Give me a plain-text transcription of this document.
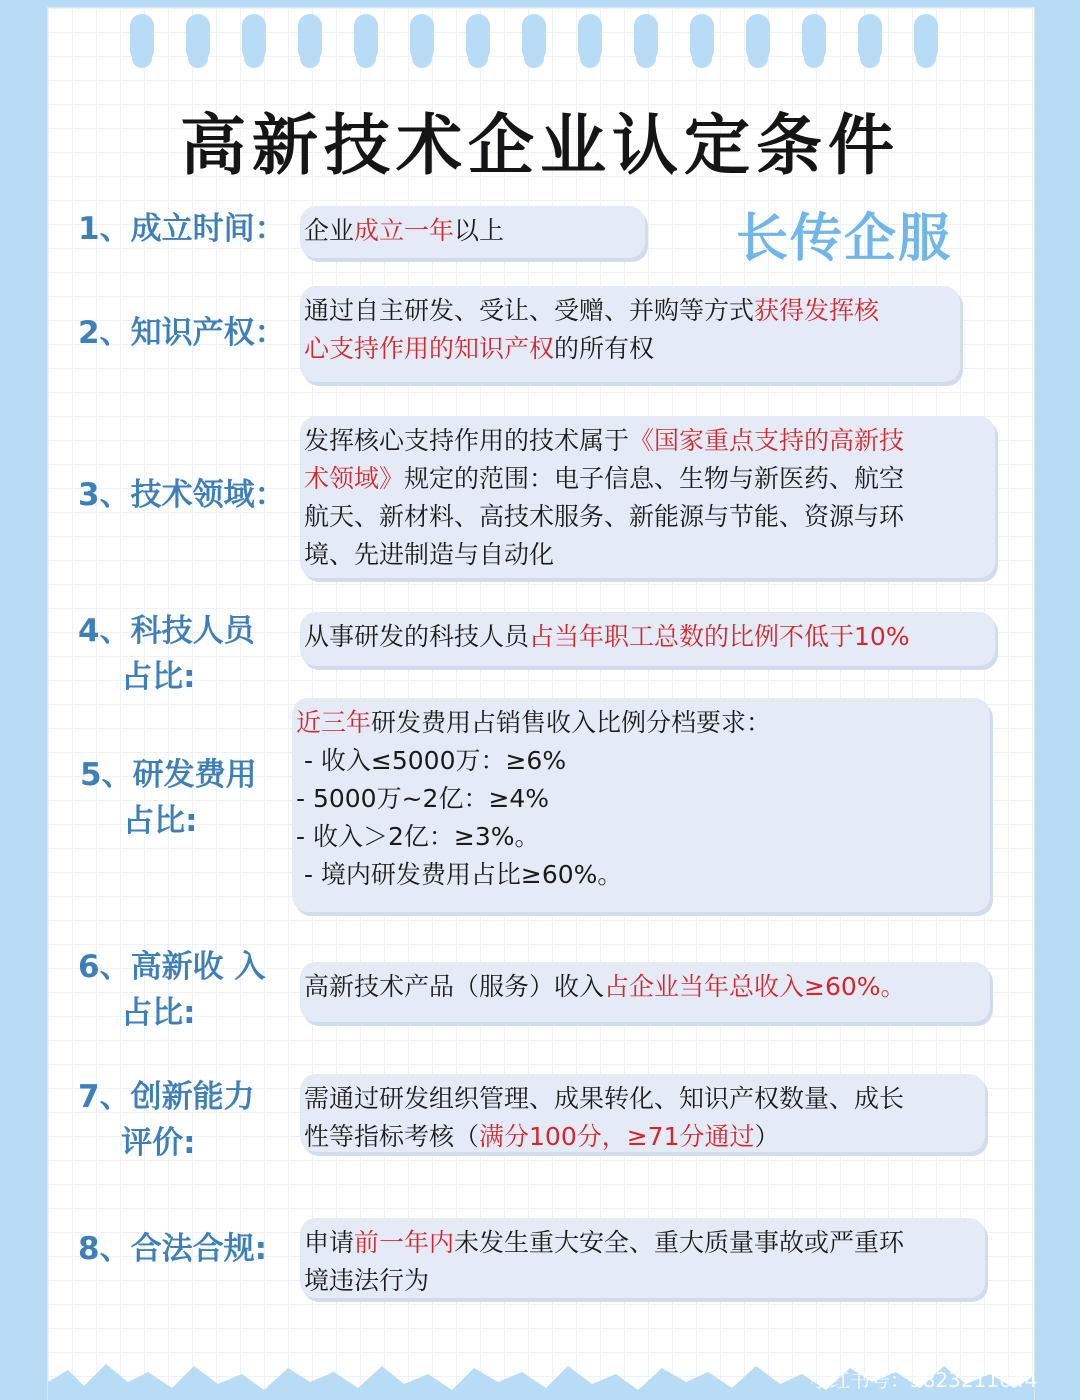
高新技术企业认定条件
长传企服
1、成立时间： 企业成立一年以上
2、知识产权：
通过自主研发、受让、受赠、并购等方式获得发挥核
心支持作用的知识产权的所有权
3、技术领域：
发挥核心支持作用的技术属于《国家重点支持的高新技
术领域》规定的范围：电子信息、生物与新医药、航空
航天、新材料、高技术服务、新能源与节能、资源与环
境、先进制造与自动化
4、科技人员
占比:
从事研发的科技人员占当年职工总数的比例不低于10%
5、研发费用
占比:
近三年研发费用占销售收入比例分档要求：
- 收入≤5000万：≥6%
- 5000万~2亿：≥4%
- 收入＞2亿：≥3%。
- 境内研发费用占比≥60%。
6、高新收 入
占比:
高新技术产品（服务）收入占企业当年总收入≥60%。
7、创新能力
评价:
需通过研发组织管理、成果转化、知识产权数量、成长
性等指标考核（满分100分，≥71分通过）
8、合法合规: 申请前一年内未发生重大安全、重大质量事故或严重环
境违法行为
小红书号：3823211644
